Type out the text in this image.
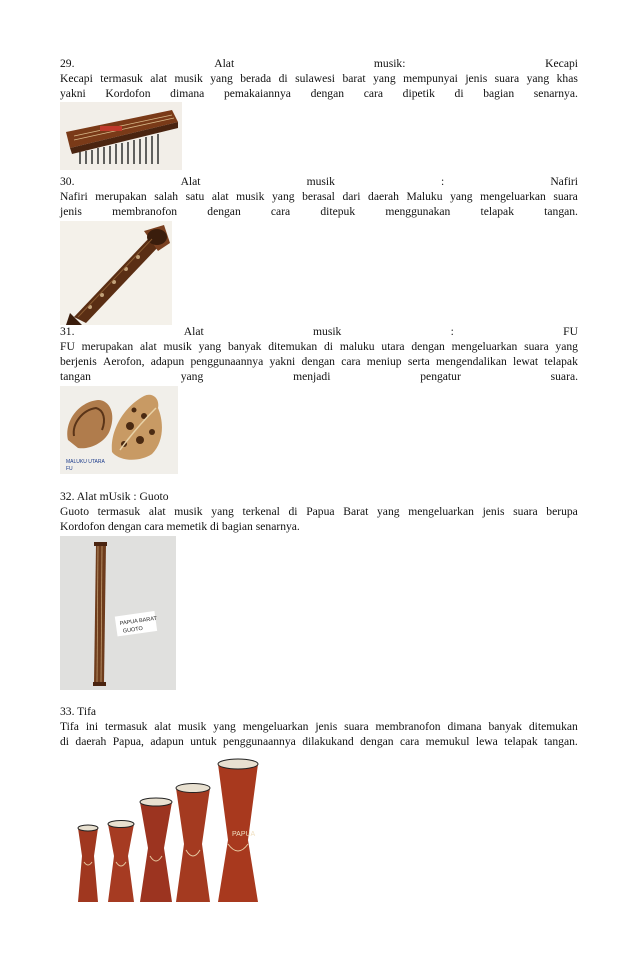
29.	Alat	musik:	Kecapi
Kecapi termasuk alat musik yang berada di sulawesi barat yang mempunyai jenis suara yang khas
yakni Kordofon dimana pemakaiannya dengan cara dipetik di bagian senarnya.
30.	Alat	musik	:	Nafiri
Nafiri merupakan salah satu alat musik yang berasal dari daerah Maluku yang mengeluarkan suara
jenis	membranofon	dengan	cara	ditepuk	menggunakan	telapak	tangan.
31.	Alat	musik	:	FU
FU merupakan alat musik yang banyak ditemukan di maluku utara dengan mengeluarkan suara yang
berjenis Aerofon, adapun penggunaannya yakni dengan cara meniup serta mengendalikan lewat telapak
tangan	yang	menjadi	pengatur	suara.
MALUKU UTARA
FU
32. Alat mUsik : Guoto
Guoto termasuk alat musik yang terkenal di Papua Barat yang mengeluarkan jenis suara berupa
Kordofon dengan cara memetik di bagian senarnya.
PAPUA BARAT
GUOTO
33. Tifa
Tifa ini termasuk alat musik yang mengeluarkan jenis suara membranofon dimana banyak ditemukan
di daerah Papua, adapun untuk penggunaannya dilakukand dengan cara memukul lewa telapak tangan.
PAPUA
